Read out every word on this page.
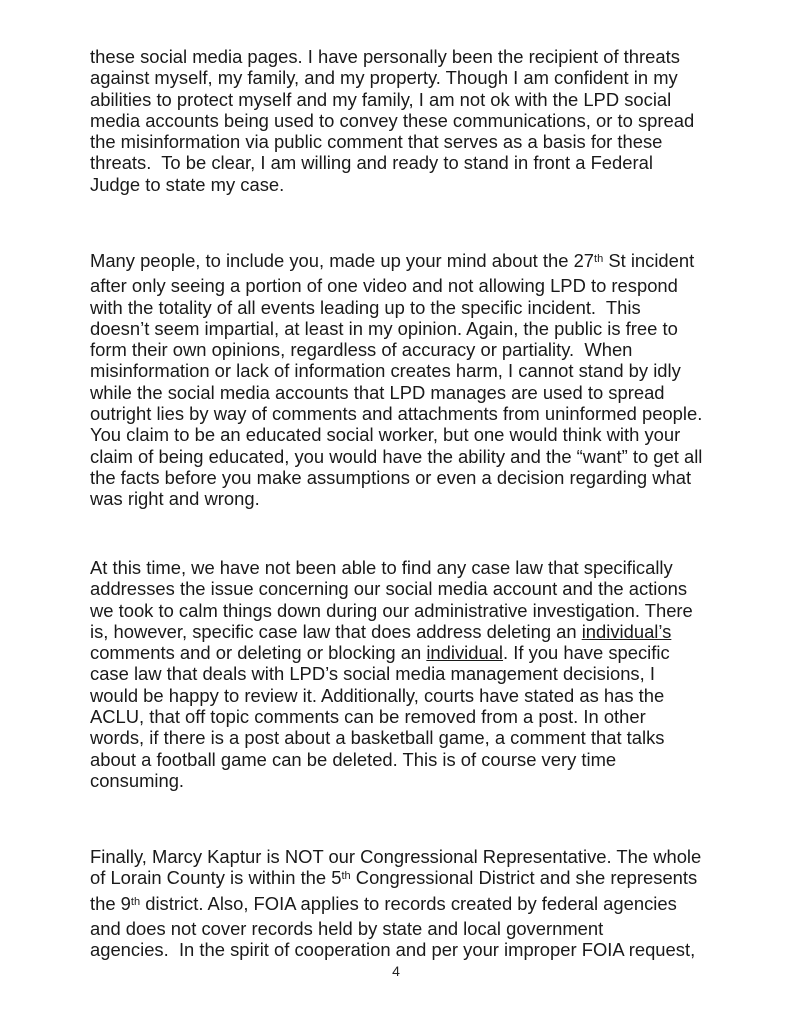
these social media pages. I have personally been the recipient of threats
against myself, my family, and my property. Though I am confident in my
abilities to protect myself and my family, I am not ok with the LPD social
media accounts being used to convey these communications, or to spread
the misinformation via public comment that serves as a basis for these
threats.  To be clear, I am willing and ready to stand in front a Federal
Judge to state my case.
Many people, to include you, made up your mind about the 27th St incident
after only seeing a portion of one video and not allowing LPD to respond
with the totality of all events leading up to the specific incident.  This
doesn’t seem impartial, at least in my opinion. Again, the public is free to
form their own opinions, regardless of accuracy or partiality.  When
misinformation or lack of information creates harm, I cannot stand by idly
while the social media accounts that LPD manages are used to spread
outright lies by way of comments and attachments from uninformed people.
You claim to be an educated social worker, but one would think with your
claim of being educated, you would have the ability and the “want” to get all
the facts before you make assumptions or even a decision regarding what
was right and wrong.
At this time, we have not been able to find any case law that specifically
addresses the issue concerning our social media account and the actions
we took to calm things down during our administrative investigation. There
is, however, specific case law that does address deleting an individual’s
comments and or deleting or blocking an individual. If you have specific
case law that deals with LPD’s social media management decisions, I
would be happy to review it. Additionally, courts have stated as has the
ACLU, that off topic comments can be removed from a post. In other
words, if there is a post about a basketball game, a comment that talks
about a football game can be deleted. This is of course very time
consuming.
Finally, Marcy Kaptur is NOT our Congressional Representative. The whole
of Lorain County is within the 5th Congressional District and she represents
the 9th district. Also, FOIA applies to records created by federal agencies
and does not cover records held by state and local government
agencies.  In the spirit of cooperation and per your improper FOIA request,
4
